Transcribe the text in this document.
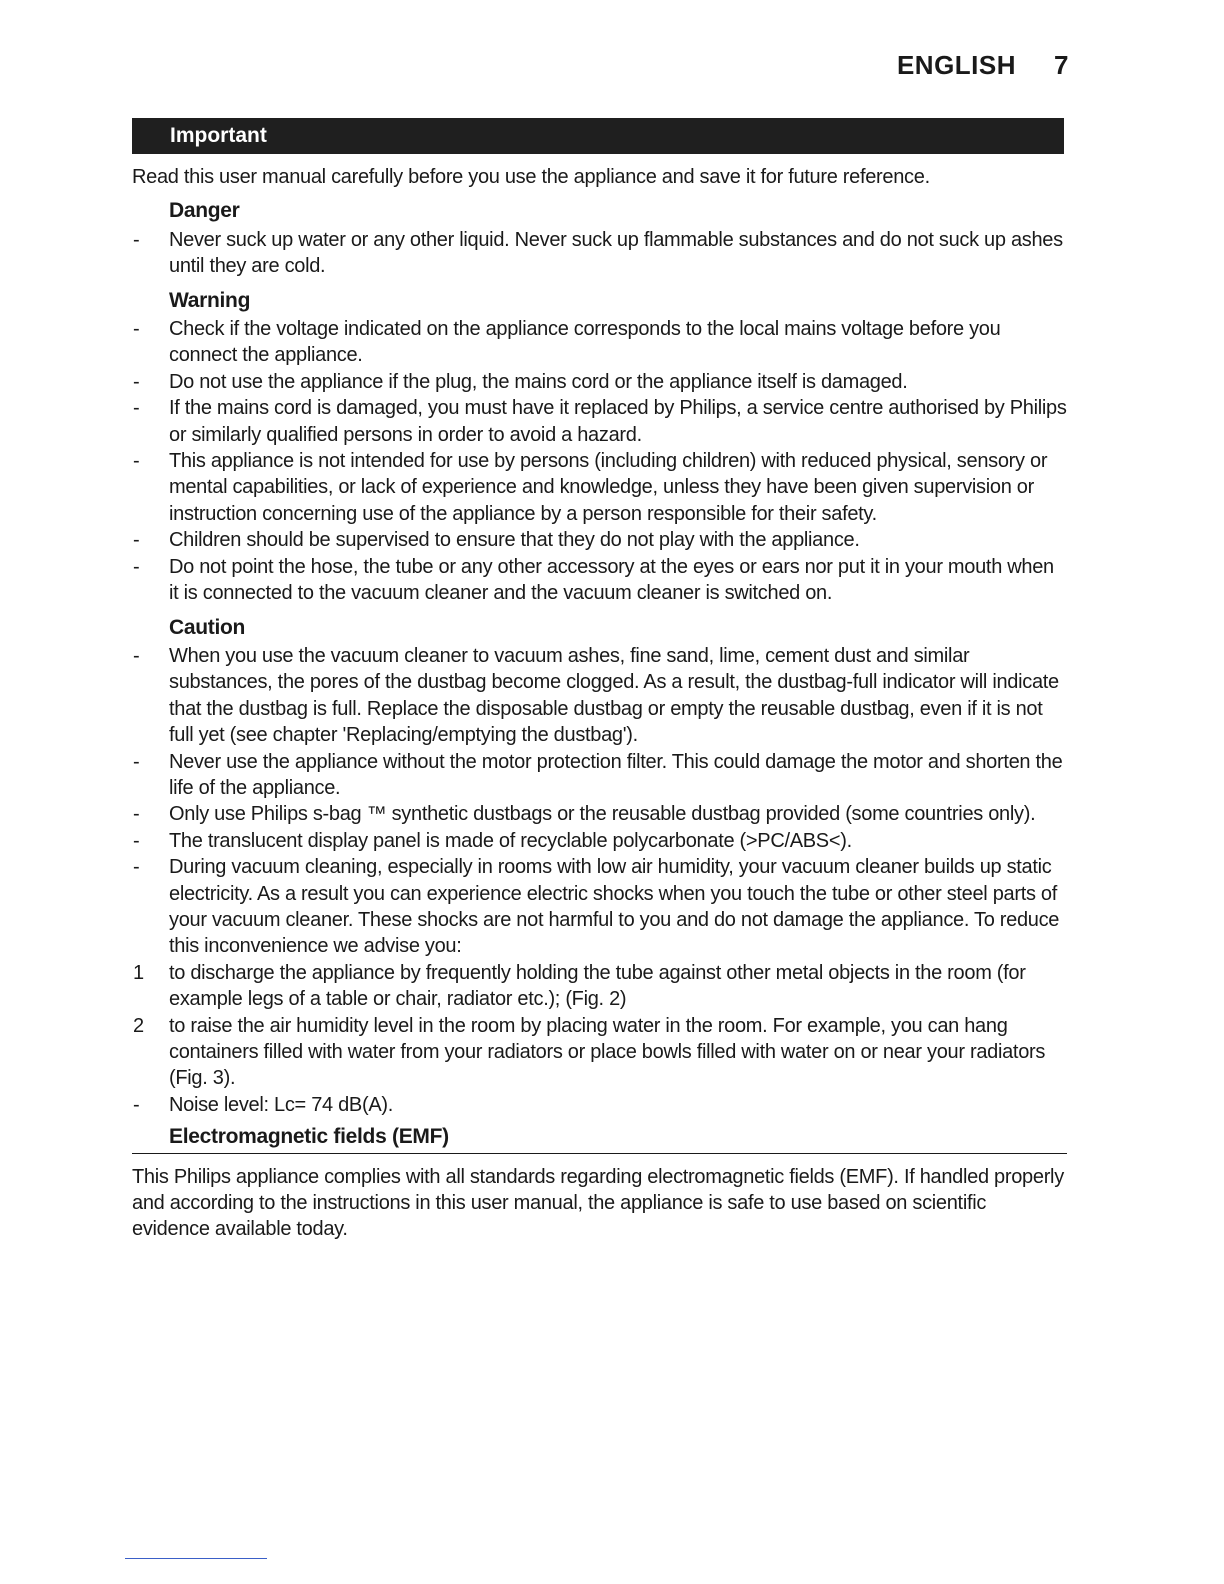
ENGLISH 7
Important

Read this user manual carefully before you use the appliance and save it for future reference.

Danger
-	Never suck up water or any other liquid. Never suck up flammable substances and do not suck up ashes until they are cold.
Warning
-	Check if the voltage indicated on the appliance corresponds to the local mains voltage before you connect the appliance.
-	Do not use the appliance if the plug, the mains cord or the appliance itself is damaged.
-	If the mains cord is damaged, you must have it replaced by Philips, a service centre authorised by Philips or similarly qualified persons in order to avoid a hazard.
-	This appliance is not intended for use by persons (including children) with reduced physical, sensory or mental capabilities, or lack of experience and knowledge, unless they have been given supervision or instruction concerning use of the appliance by a person responsible for their safety.
-	Children should be supervised to ensure that they do not play with the appliance.
-	Do not point the hose, the tube or any other accessory at the eyes or ears nor put it in your mouth when it is connected to the vacuum cleaner and the vacuum cleaner is switched on.
Caution
-	When you use the vacuum cleaner to vacuum ashes, fine sand, lime, cement dust and similar substances, the pores of the dustbag become clogged. As a result, the dustbag-full indicator will indicate that the dustbag is full. Replace the disposable dustbag or empty the reusable dustbag, even if it is not full yet (see chapter 'Replacing/emptying the dustbag').
-	Never use the appliance without the motor protection filter. This could damage the motor and shorten the life of the appliance.
-	Only use Philips s-bag ™ synthetic dustbags or the reusable dustbag provided (some countries only).
-	The translucent display panel is made of recyclable polycarbonate (>PC/ABS<).
-	During vacuum cleaning, especially in rooms with low air humidity, your vacuum cleaner builds up static electricity. As a result you can experience electric shocks when you touch the tube or other steel parts of your vacuum cleaner. These shocks are not harmful to you and do not damage the appliance. To reduce this inconvenience we advise you:
1	to discharge the appliance by frequently holding the tube against other metal objects in the room (for example legs of a table or chair, radiator etc.); (Fig. 2)
2	to raise the air humidity level in the room by placing water in the room. For example, you can hang containers filled with water from your radiators or place bowls filled with water on or near your radiators (Fig. 3).
-	Noise level: Lc= 74 dB(A).
Electromagnetic fields (EMF)
This Philips appliance complies with all standards regarding electromagnetic fields (EMF). If handled properly and according to the instructions in this user manual, the appliance is safe to use based on scientific evidence available today.
